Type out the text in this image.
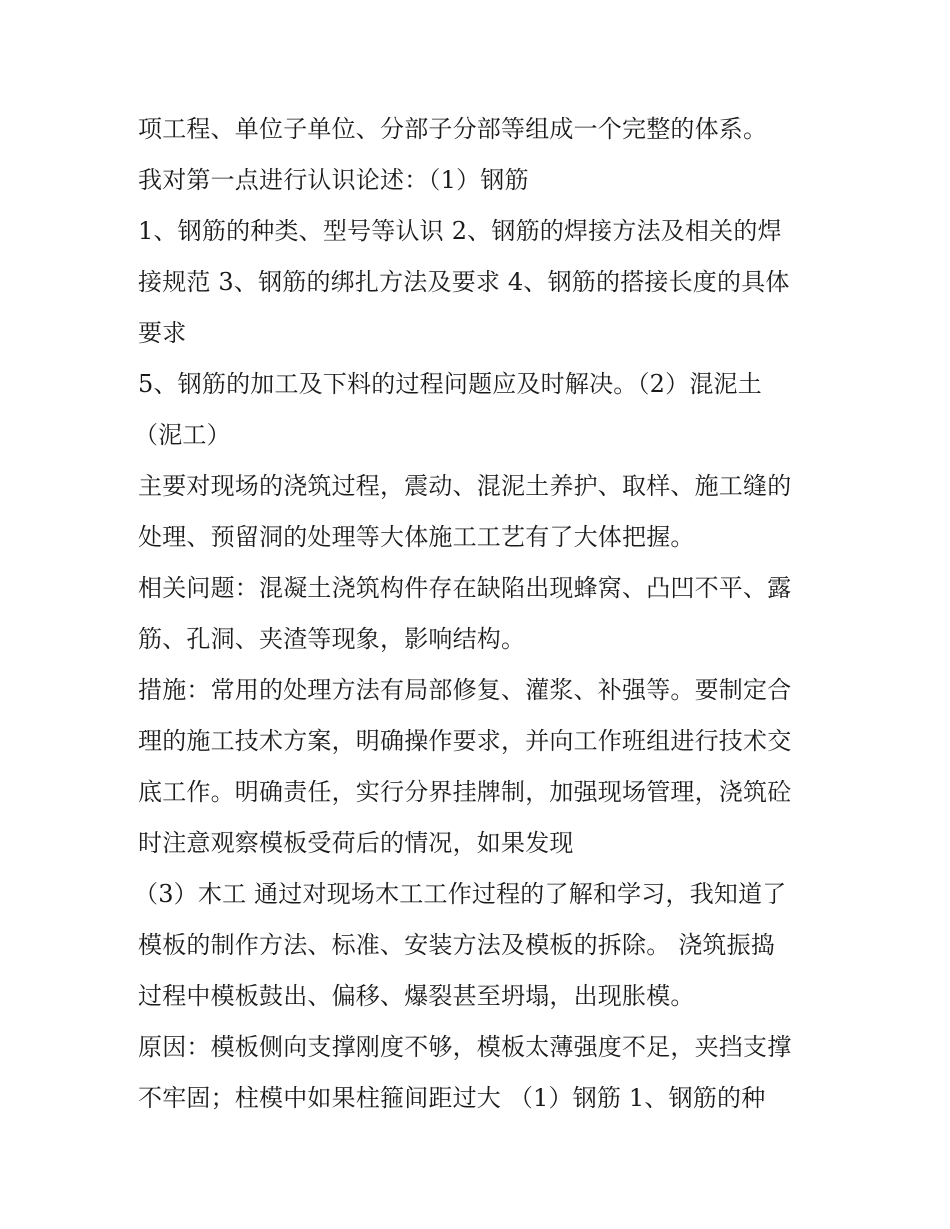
项工程、单位子单位、分部子分部等组成一个完整的体系。
我对第一点进行认识论述：（1）钢筋
1、钢筋的种类、型号等认识 2、钢筋的焊接方法及相关的焊
接规范 3、钢筋的绑扎方法及要求 4、钢筋的搭接长度的具体
要求
5、钢筋的加工及下料的过程问题应及时解决。（2）混泥土
（泥工）
主要对现场的浇筑过程，震动、混泥土养护、取样、施工缝的
处理、预留洞的处理等大体施工工艺有了大体把握。
相关问题：混凝土浇筑构件存在缺陷出现蜂窝、凸凹不平、露
筋、孔洞、夹渣等现象，影响结构。
措施：常用的处理方法有局部修复、灌浆、补强等。要制定合
理的施工技术方案，明确操作要求，并向工作班组进行技术交
底工作。明确责任，实行分界挂牌制，加强现场管理，浇筑砼
时注意观察模板受荷后的情况，如果发现
（3）木工 通过对现场木工工作过程的了解和学习，我知道了
模板的制作方法、标准、安装方法及模板的拆除。 浇筑振捣
过程中模板鼓出、偏移、爆裂甚至坍塌，出现胀模。
原因：模板侧向支撑刚度不够，模板太薄强度不足，夹挡支撑
不牢固；柱模中如果柱箍间距过大 （1）钢筋 1、钢筋的种
